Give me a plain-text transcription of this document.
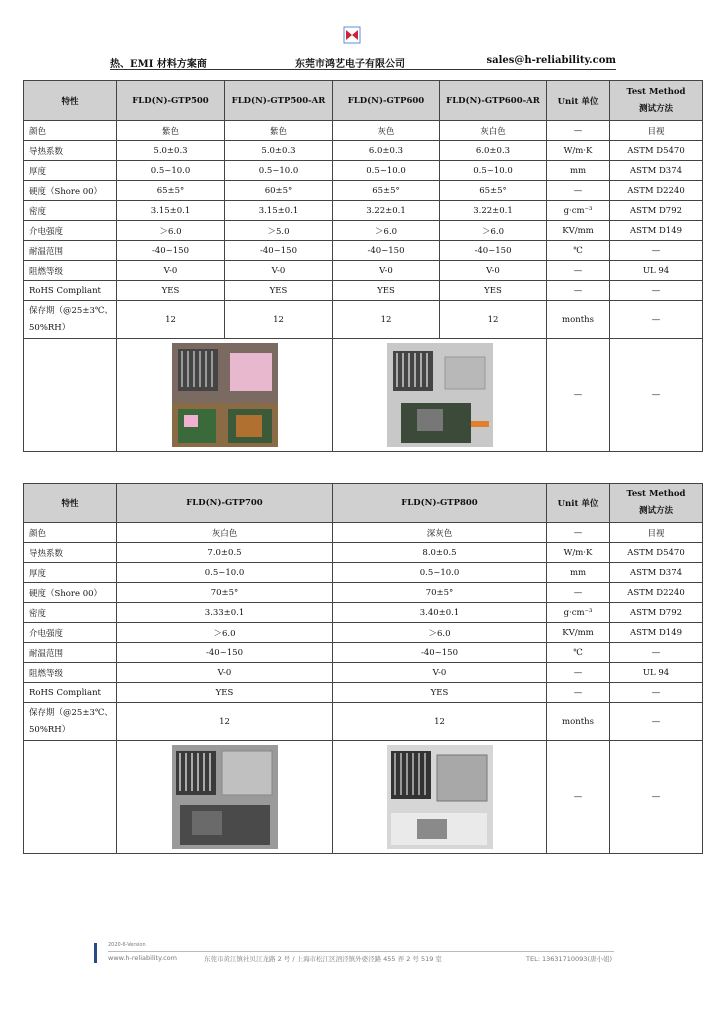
热、EMI 材料方案商	东莞市鸿艺电子有限公司	sales@h-reliability.com
特性	FLD(N)-GTP500	FLD(N)-GTP500-AR	FLD(N)-GTP600	FLD(N)-GTP600-AR	Unit 单位	Test Method
测试方法
颜色	紫色	紫色	灰色	灰白色	—	目视
导热系数	5.0±0.3	5.0±0.3	6.0±0.3	6.0±0.3	W/m·K	ASTM D5470
厚度	0.5~10.0	0.5~10.0	0.5~10.0	0.5~10.0	mm	ASTM D374
硬度（Shore 00）	65±5°	60±5°	65±5°	65±5°	—	ASTM D2240
密度	3.15±0.1	3.15±0.1	3.22±0.1	3.22±0.1	g·cm⁻³	ASTM D792
介电强度	＞6.0	＞5.0	＞6.0	＞6.0	KV/mm	ASTM D149
耐温范围	-40~150	-40~150	-40~150	-40~150	℃	—
阻燃等级	V-0	V-0	V-0	V-0	—	UL 94
RoHS Compliant	YES	YES	YES	YES	—	—
保存期（@25±3℃、50%RH）	12	12	12	12	months	—

	—	—
特性	FLD(N)-GTP700	FLD(N)-GTP800	Unit 单位	Test Method
测试方法
颜色	灰白色	深灰色	—	目视
导热系数	7.0±0.5	8.0±0.5	W/m·K	ASTM D5470
厚度	0.5~10.0	0.5~10.0	mm	ASTM D374
硬度（Shore 00）	70±5°	70±5°	—	ASTM D2240
密度	3.33±0.1	3.40±0.1	g·cm⁻³	ASTM D792
介电强度	＞6.0	＞6.0	KV/mm	ASTM D149
耐温范围	-40~150	-40~150	℃	—
阻燃等级	V-0	V-0	—	UL 94
RoHS Compliant	YES	YES	—	—
保存期（@25±3℃、50%RH）	12	12	months	—

	—	—
2020-6-Version
www.h-reliability.com	东莞市黄江镇社贝江龙路 2 号 / 上海市松江区泗泾镇外婆泾路 455 弄 2 号 519 室	TEL: 13631710093(唐小姐)
